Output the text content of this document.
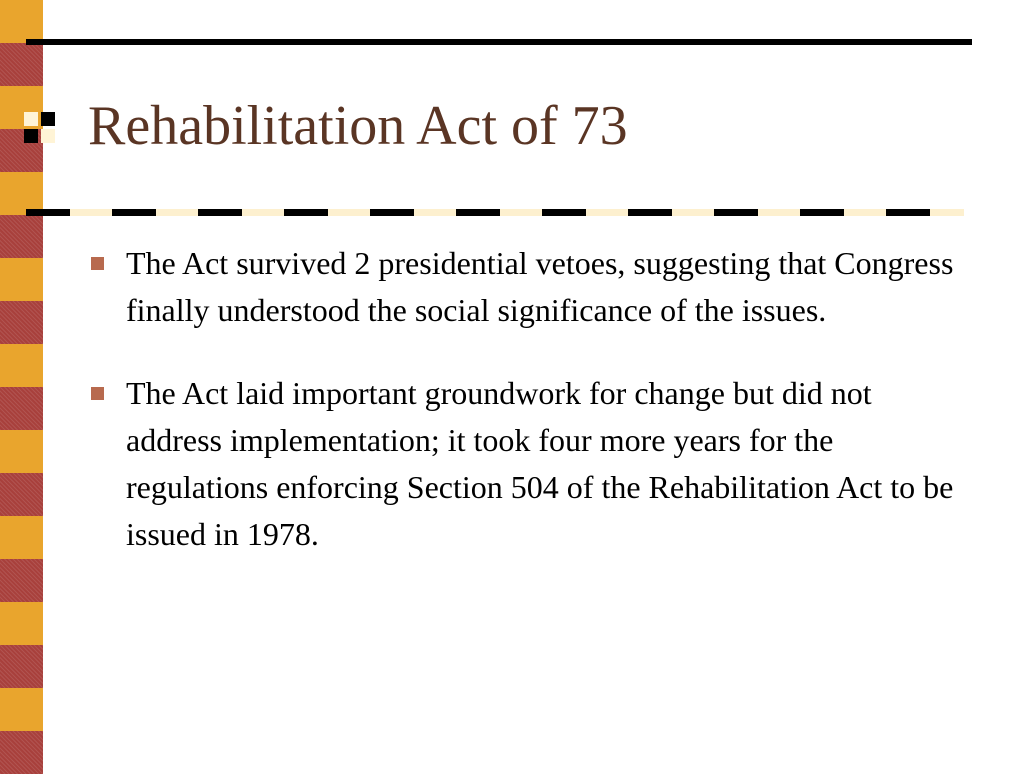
Rehabilitation Act of 73
The Act survived 2 presidential vetoes, suggesting that Congress finally understood the social significance of the issues.
The Act laid important groundwork for change but did not address implementation; it took four more years for the regulations enforcing Section 504 of the Rehabilitation Act to be issued in 1978.
